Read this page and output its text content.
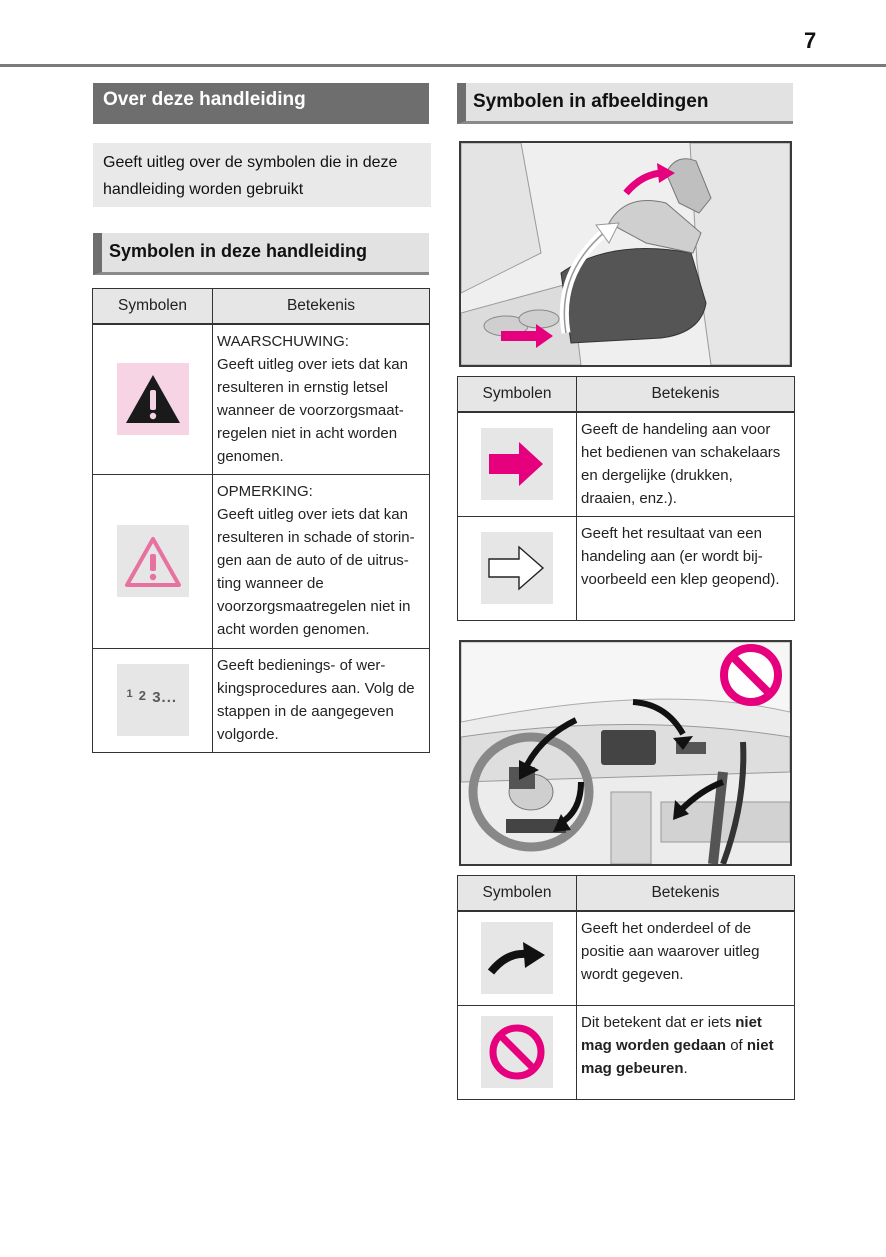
7
Over deze handleiding
Geeft uitleg over de symbolen die in deze handleiding worden gebruikt
Symbolen in deze handleiding
Symbolen	Betekenis

WAARSCHUWING:
Geeft uitleg over iets dat kan resulteren in ernstig letsel wanneer de voorzorgsmaat-regelen niet in acht worden genomen.

OPMERKING:
Geeft uitleg over iets dat kan resulteren in schade of storin-gen aan de auto of de uitrus-ting wanneer de voorzorgsmaatregelen niet in acht worden genomen.

$^1$ 2 3...	Geeft bedienings- of wer-kingsprocedures aan. Volg de stappen in de aangegeven volgorde.
Symbolen in afbeeldingen
Symbolen	Betekenis

Geeft de handeling aan voor het bedienen van schakelaars en dergelijke (drukken, draaien, enz.).

Geeft het resultaat van een handeling aan (er wordt bij-voorbeeld een klep geopend).
Symbolen	Betekenis

Geeft het onderdeel of de positie aan waarover uitleg wordt gegeven.

Dit betekent dat er iets niet mag worden gedaan of niet mag gebeuren.
